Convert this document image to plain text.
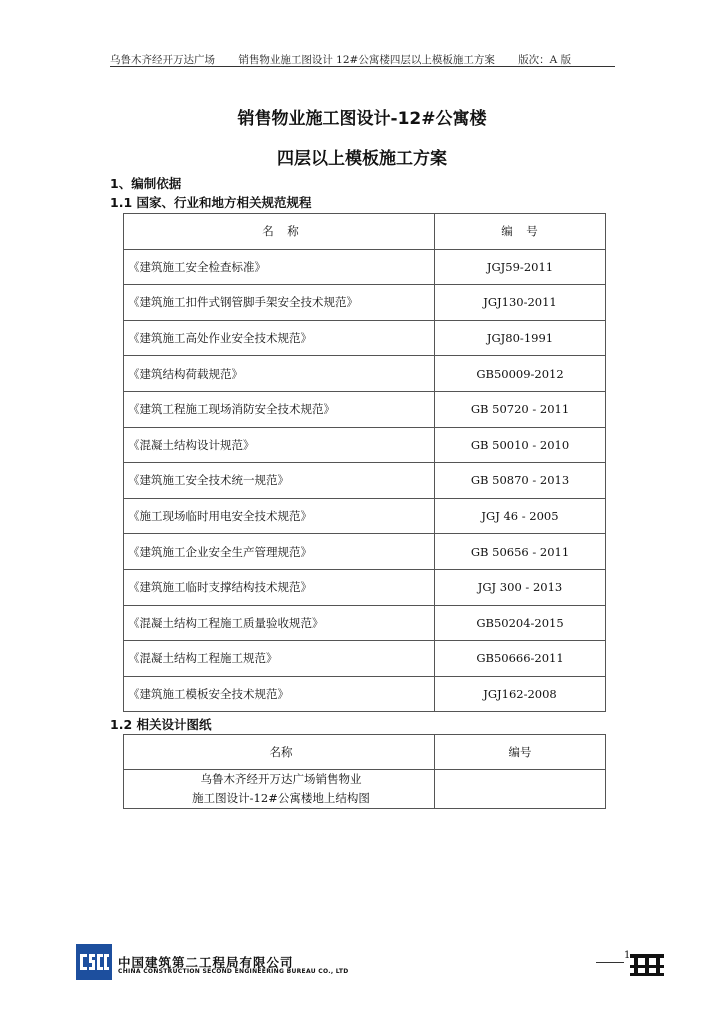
乌鲁木齐经开万达广场 销售物业施工图设计 12#公寓楼四层以上模板施工方案 版次：A 版
销售物业施工图设计-12#公寓楼
四层以上模板施工方案
1、编制依据
1.1 国家、行业和地方相关规范规程
名　称	编　号
《建筑施工安全检查标准》	JGJ59-2011
《建筑施工扣件式钢管脚手架安全技术规范》	JGJ130-2011
《建筑施工高处作业安全技术规范》	JGJ80-1991
《建筑结构荷载规范》	GB50009-2012
《建筑工程施工现场消防安全技术规范》	GB 50720 - 2011
《混凝土结构设计规范》	GB 50010 - 2010
《建筑施工安全技术统一规范》	GB 50870 - 2013
《施工现场临时用电安全技术规范》	JGJ 46 - 2005
《建筑施工企业安全生产管理规范》	GB 50656 - 2011
《建筑施工临时支撑结构技术规范》	JGJ 300 - 2013
《混凝土结构工程施工质量验收规范》	GB50204-2015
《混凝土结构工程施工规范》	GB50666-2011
《建筑施工模板安全技术规范》	JGJ162-2008
1.2 相关设计图纸
名称	编号

乌鲁木齐经开万达广场销售物业
施工图设计-12#公寓楼地上结构图	

中国建筑第二工程局有限公司
CHINA CONSTRUCTION SECOND ENGINEERING BUREAU CO., LTD
1
